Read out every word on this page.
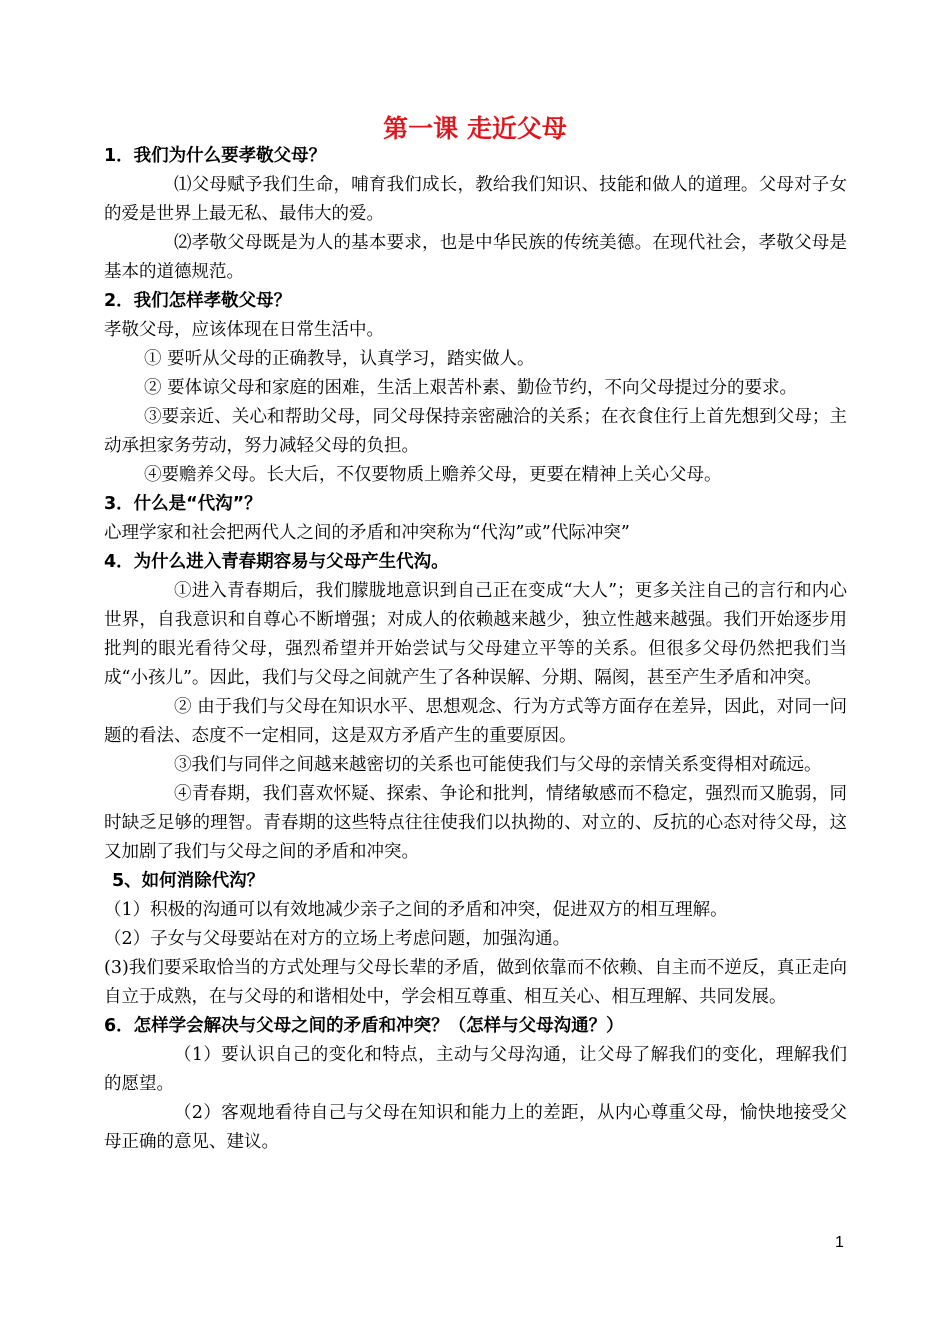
第一课 走近父母

1．我们为什么要孝敬父母？

⑴父母赋予我们生命，哺育我们成长，教给我们知识、技能和做人的道理。父母对子女的爱是世界上最无私、最伟大的爱。

⑵孝敬父母既是为人的基本要求，也是中华民族的传统美德。在现代社会，孝敬父母是基本的道德规范。

2．我们怎样孝敬父母？

孝敬父母，应该体现在日常生活中。

① 要听从父母的正确教导，认真学习，踏实做人。

② 要体谅父母和家庭的困难，生活上艰苦朴素、勤俭节约，不向父母提过分的要求。

③要亲近、关心和帮助父母，同父母保持亲密融洽的关系；在衣食住行上首先想到父母；主动承担家务劳动，努力减轻父母的负担。

④要赡养父母。长大后，不仅要物质上赡养父母，更要在精神上关心父母。

3．什么是“代沟”？

心理学家和社会把两代人之间的矛盾和冲突称为“代沟”或”代际冲突”

4．为什么进入青春期容易与父母产生代沟。

①进入青春期后，我们朦胧地意识到自己正在变成“大人”；更多关注自己的言行和内心世界，自我意识和自尊心不断增强；对成人的依赖越来越少，独立性越来越强。我们开始逐步用批判的眼光看待父母，强烈希望并开始尝试与父母建立平等的关系。但很多父母仍然把我们当成“小孩儿”。因此，我们与父母之间就产生了各种误解、分期、隔阂，甚至产生矛盾和冲突。

② 由于我们与父母在知识水平、思想观念、行为方式等方面存在差异，因此，对同一问题的看法、态度不一定相同，这是双方矛盾产生的重要原因。

③我们与同伴之间越来越密切的关系也可能使我们与父母的亲情关系变得相对疏远。

④青春期，我们喜欢怀疑、探索、争论和批判，情绪敏感而不稳定，强烈而又脆弱，同时缺乏足够的理智。青春期的这些特点往往使我们以执拗的、对立的、反抗的心态对待父母，这又加剧了我们与父母之间的矛盾和冲突。

5、如何消除代沟？

（1）积极的沟通可以有效地减少亲子之间的矛盾和冲突，促进双方的相互理解。

（2）子女与父母要站在对方的立场上考虑问题，加强沟通。

(3)我们要采取恰当的方式处理与父母长辈的矛盾，做到依靠而不依赖、自主而不逆反，真正走向自立于成熟，在与父母的和谐相处中，学会相互尊重、相互关心、相互理解、共同发展。

6．怎样学会解决与父母之间的矛盾和冲突？（怎样与父母沟通？）

（1）要认识自己的变化和特点，主动与父母沟通，让父母了解我们的变化，理解我们的愿望。

（2）客观地看待自己与父母在知识和能力上的差距，从内心尊重父母，愉快地接受父母正确的意见、建议。

1
